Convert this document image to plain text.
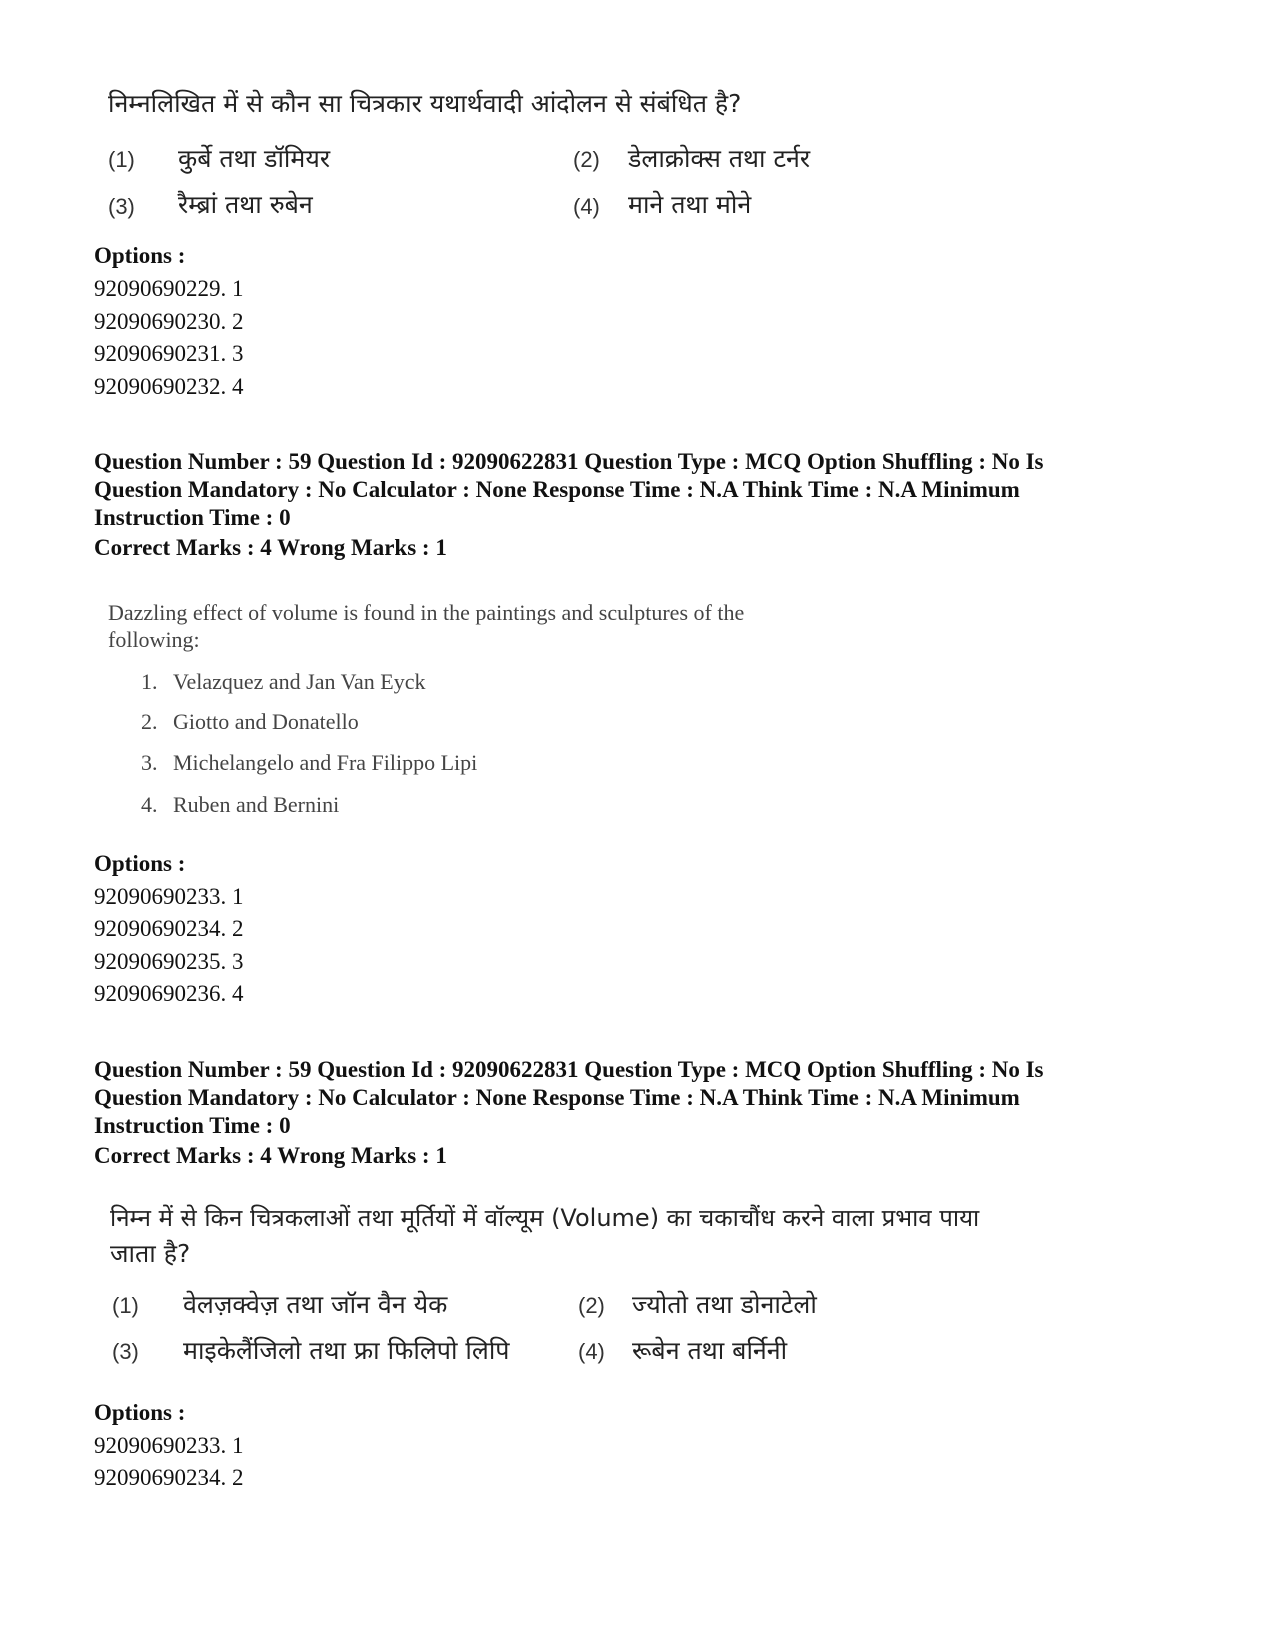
निम्नलिखित में से कौन सा चित्रकार यथार्थवादी आंदोलन से संबंधित है?
(1) कुर्बे तथा डॉमियर	(2) डेलाक्रोक्स तथा टर्नर
(3) रैम्ब्रां तथा रुबेन	(4) माने तथा मोने
Options :
92090690229. 1
92090690230. 2
92090690231. 3
92090690232. 4
Question Number : 59 Question Id : 92090622831 Question Type : MCQ Option Shuffling : No Is
Question Mandatory : No Calculator : None Response Time : N.A Think Time : N.A Minimum
Instruction Time : 0
Correct Marks : 4 Wrong Marks : 1
Dazzling effect of volume is found in the paintings and sculptures of the
following:
1. Velazquez and Jan Van Eyck
2. Giotto and Donatello
3. Michelangelo and Fra Filippo Lipi
4. Ruben and Bernini
Options :
92090690233. 1
92090690234. 2
92090690235. 3
92090690236. 4
Question Number : 59 Question Id : 92090622831 Question Type : MCQ Option Shuffling : No Is
Question Mandatory : No Calculator : None Response Time : N.A Think Time : N.A Minimum
Instruction Time : 0
Correct Marks : 4 Wrong Marks : 1
निम्न में से किन चित्रकलाओं तथा मूर्तियों में वॉल्यूम (Volume) का चकाचौंध करने वाला प्रभाव पाया
जाता है?
(1) वेलज़क्वेज़ तथा जॉन वैन येक	(2) ज्योतो तथा डोनाटेलो
(3) माइकेलैंजिलो तथा फ्रा फिलिपो लिपि	(4) रूबेन तथा बर्निनी
Options :
92090690233. 1
92090690234. 2
